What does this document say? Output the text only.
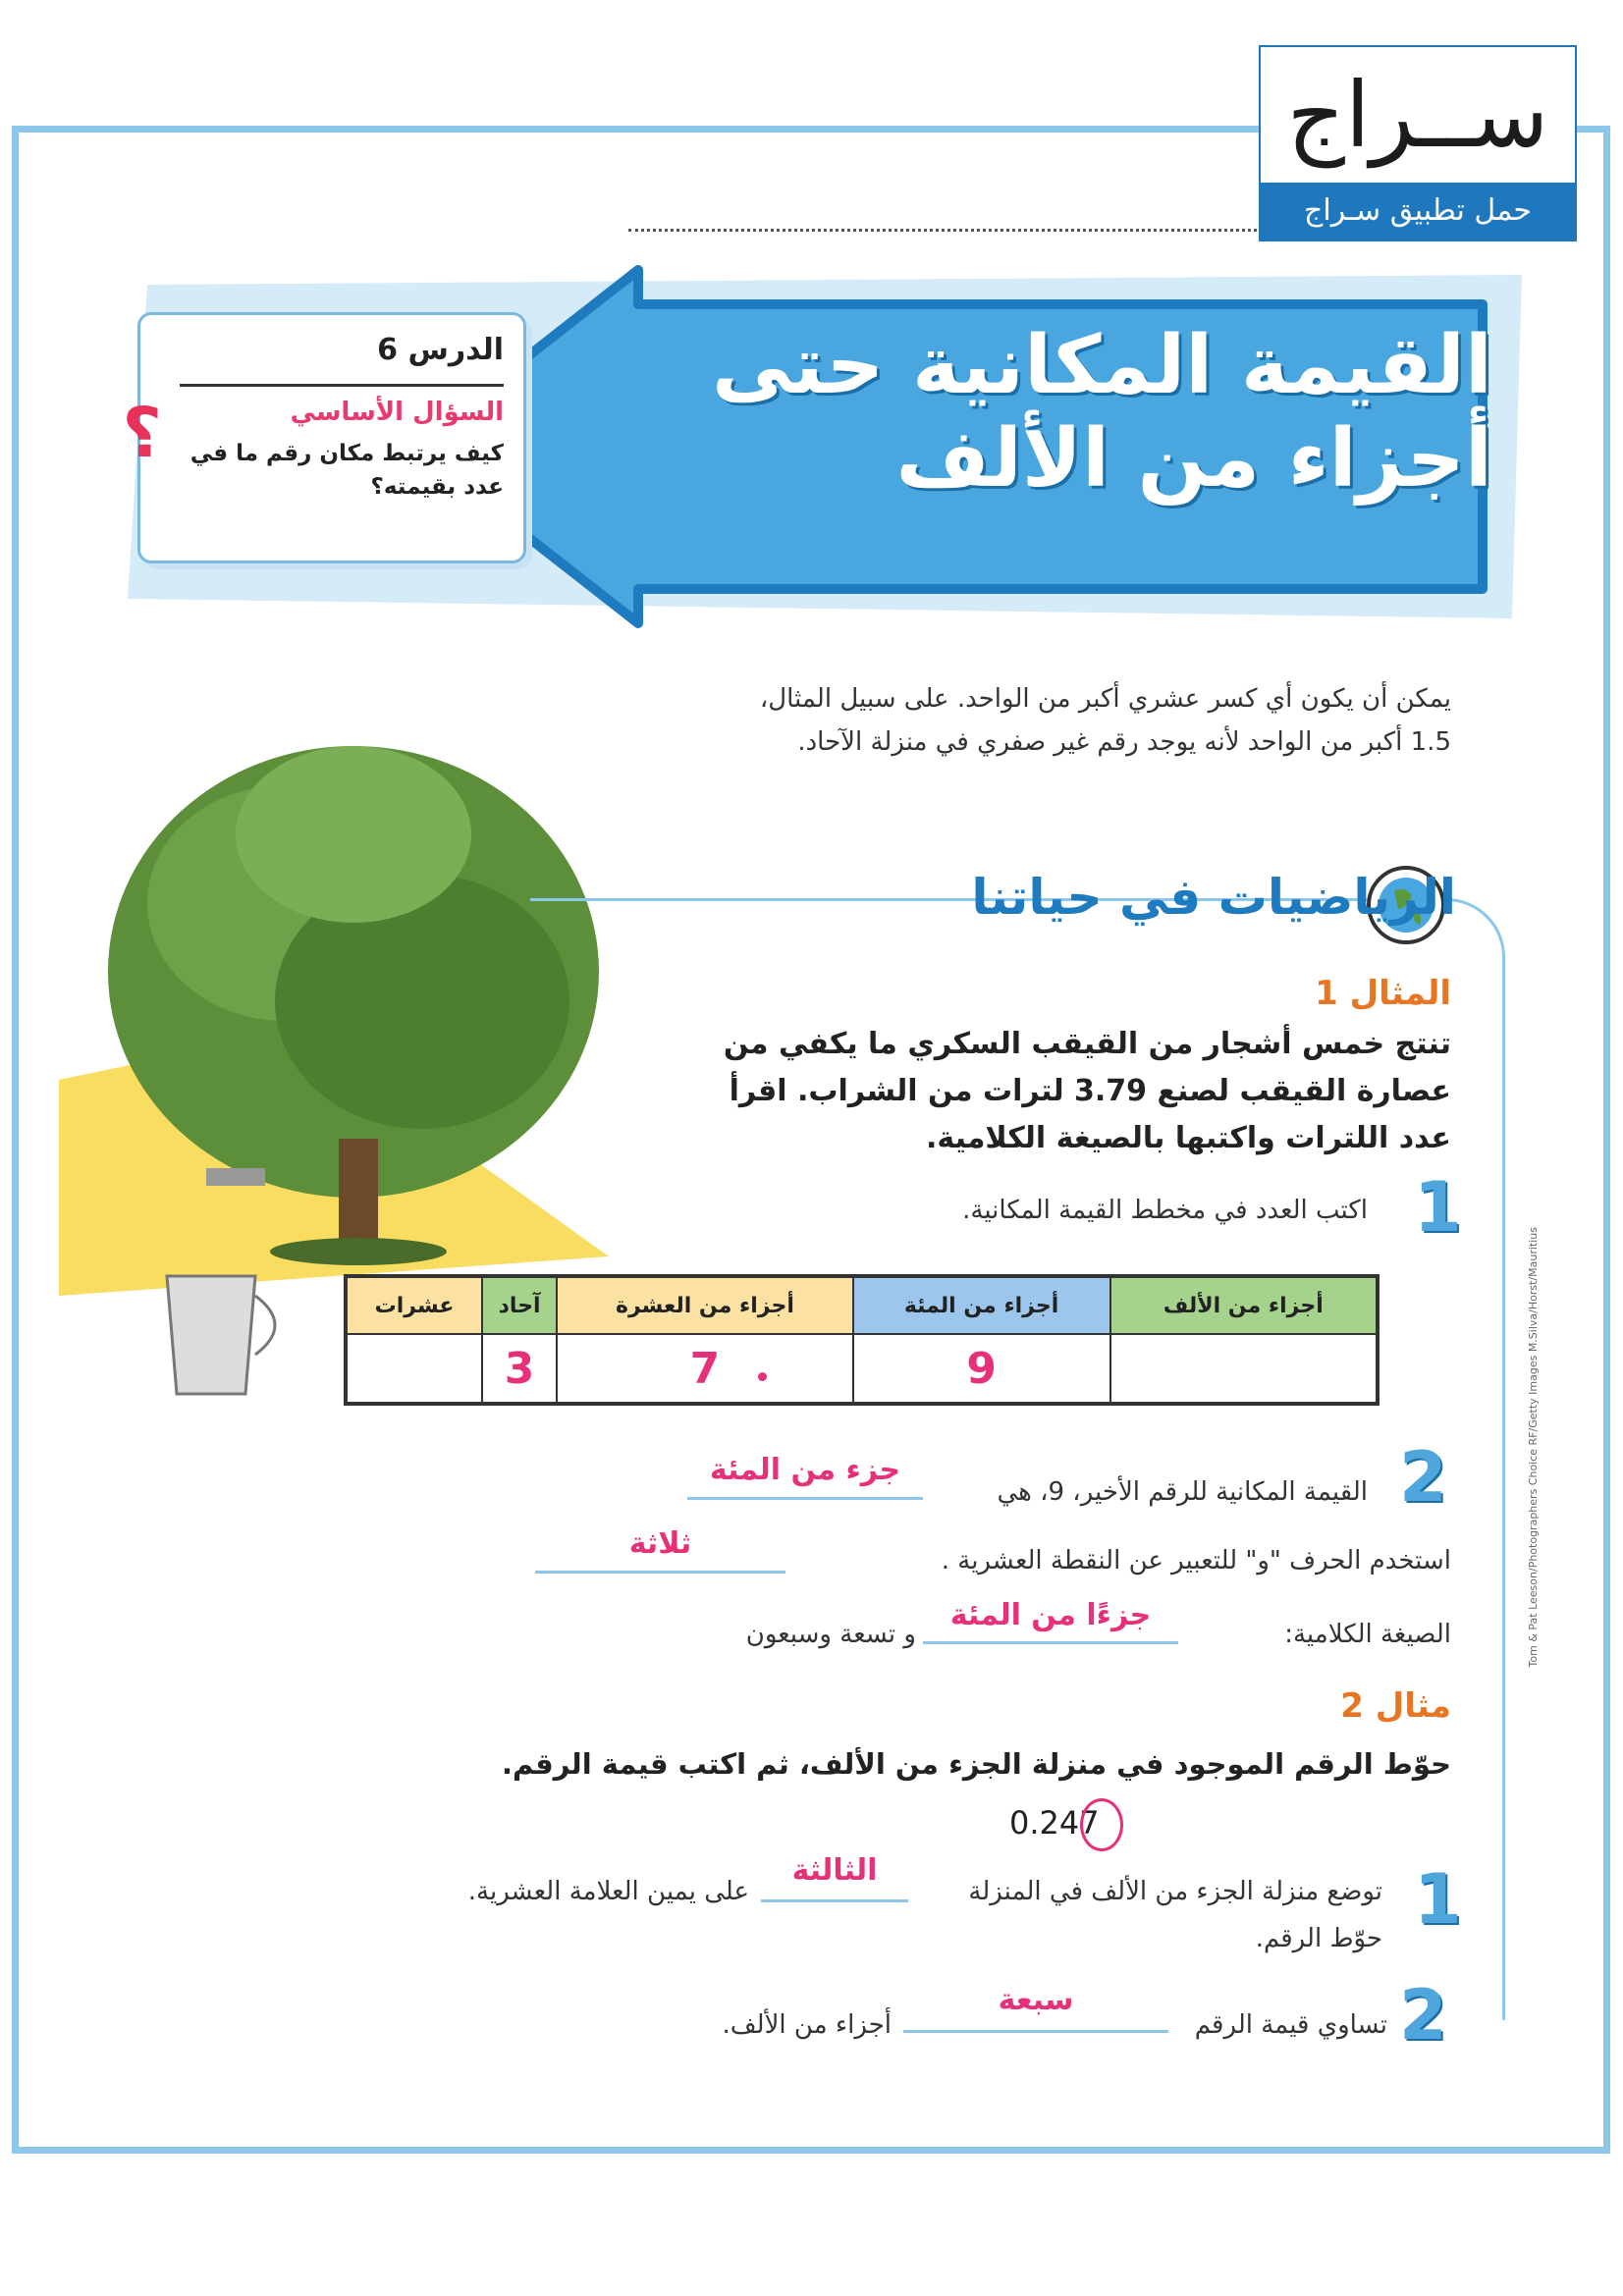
ســراج
حمل تطبيق سـراج
القيمة المكانية حتى
أجزاء من الألف
الدرس 6
السؤال الأساسي
كيف يرتبط مكان رقم ما في عدد بقيمته؟
؟
يمكن أن يكون أي كسر عشري أكبر من الواحد. على سبيل المثال،
1.5 أكبر من الواحد لأنه يوجد رقم غير صفري في منزلة الآحاد.
الرياضيات في حياتنا
المثال 1
تنتج خمس أشجار من القيقب السكري ما يكفي من عصارة القيقب لصنع 3.79 لترات من الشراب. اقرأ عدد اللترات واكتبها بالصيغة الكلامية.
1
اكتب العدد في مخطط القيمة المكانية.
عشرات	آحاد	أجزاء من العشرة	أجزاء من المئة	أجزاء من الألف
	3	7	9	
2
القيمة المكانية للرقم الأخير، 9، هي
جزء من المئة
استخدم الحرف "و" للتعبير عن النقطة العشرية .
ثلاثة
الصيغة الكلامية:
جزءًا من المئة
و تسعة وسبعون
مثال 2
حوّط الرقم الموجود في منزلة الجزء من الألف، ثم اكتب قيمة الرقم.
0.247
1
توضع منزلة الجزء من الألف في المنزلة
الثالثة
على يمين العلامة العشرية.
حوّط الرقم.
2
تساوي قيمة الرقم
سبعة
أجزاء من الألف.
Tom & Pat Leeson/Photographers Choice RF/Getty Images M.Silva/Horst/Mauritius
